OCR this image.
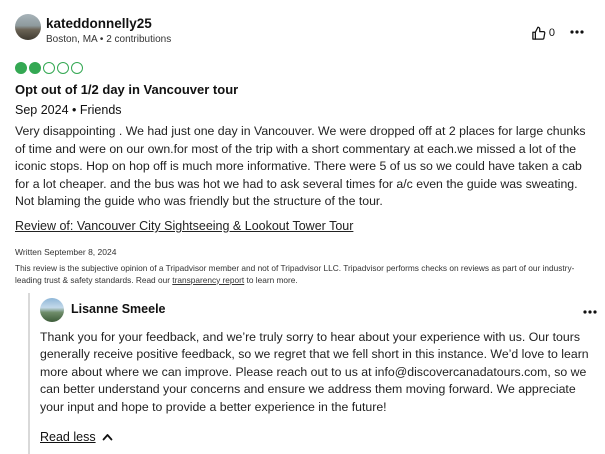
kateddonnelly25
Boston, MA • 2 contributions
0
Opt out of 1/2 day in Vancouver tour
Sep 2024 • Friends
Very disappointing . We had just one day in Vancouver. We were dropped off at 2 places for large chunks of time and were on our own.for most of the trip with a short commentary at each.we missed a lot of the iconic stops. Hop on hop off is much more informative. There were 5 of us so we could have taken a cab for a lot cheaper. and the bus was hot we had to ask several times for a/c even the guide was sweating. Not blaming the guide who was friendly but the structure of the tour.
Review of: Vancouver City Sightseeing & Lookout Tower Tour
Written September 8, 2024
This review is the subjective opinion of a Tripadvisor member and not of Tripadvisor LLC. Tripadvisor performs checks on reviews as part of our industry-leading trust & safety standards. Read our transparency report to learn more.
Lisanne Smeele
Thank you for your feedback, and we’re truly sorry to hear about your experience with us. Our tours generally receive positive feedback, so we regret that we fell short in this instance. We’d love to learn more about where we can improve. Please reach out to us at info@discovercanadatours.com, so we can better understand your concerns and ensure we address them moving forward. We appreciate your input and hope to provide a better experience in the future!
Read less
